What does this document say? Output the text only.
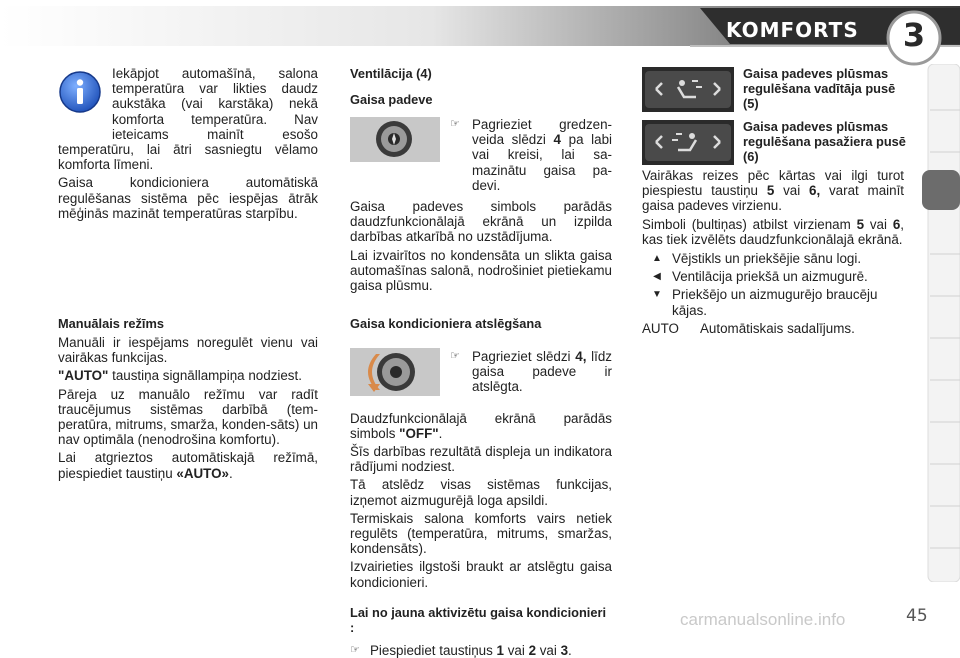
KOMFORTS	3

Iekāpjot automašīnā, salona temperatūra var likties daudz aukstāka (vai karstāka) nekā komforta temperatūra. Nav ieteicams mainīt esošo temperatūru, lai ātri sasniegtu vēlamo komforta līmeni.

Gaisa kondicioniera automātiskā regulēšanas sistēma pēc iespējas ātrāk mēģinās mazināt temperatūras starpību.

Manuālais režīms

Manuāli ir iespējams noregulēt vienu vai vairākas funkcijas.

"AUTO" taustiņa signāllampiņa nodziest.

Pāreja uz manuālo režīmu var radīt traucējumus sistēmas darbībā (tem-peratūra, mitrums, smarža, konden-sāts) un nav optimāla (nenodrošina komfortu).

Lai atgrieztos automātiskajā režīmā, piespiediet taustiņu «AUTO».

Ventilācija (4)

Gaisa padeve

☞ Pagrieziet gredzen-veida slēdzi 4 pa labi vai kreisi, lai sa-mazinātu gaisa pa-devi.

Gaisa padeves simbols parādās daudzfunkcionālajā ekrānā un izpilda darbības atkarībā no uzstādījuma.

Lai izvairītos no kondensāta un slikta gaisa automašīnas salonā, nodrošiniet pietiekamu gaisa plūsmu.

Gaisa kondicioniera atslēgšana

☞ Pagrieziet slēdzi 4, līdz gaisa padeve ir atslēgta.

Daudzfunkcionālajā ekrānā parādās simbols "OFF".

Šīs darbības rezultātā displeja un indikatora rādījumi nodziest.

Tā atslēdz visas sistēmas funkcijas, izņemot aizmugurējā loga apsildi.

Termiskais salona komforts vairs netiek regulēts (temperatūra, mitrums, smaržas, kondensāts).

Izvairieties ilgstoši braukt ar atslēgtu gaisa kondicionieri.

Lai no jauna aktivizētu gaisa kondicionieri :

☞ Piespiediet taustiņus 1 vai 2 vai 3.

Gaisa padeves plūsmas regulēšana vadītāja pusē (5)

Gaisa padeves plūsmas regulēšana pasažiera pusē (6)

Vairākas reizes pēc kārtas vai ilgi turot piespiestu taustiņu 5 vai 6, varat mainīt gaisa padeves virzienu.

Simboli (bultiņas) atbilst virzienam 5 vai 6, kas tiek izvēlēts daudzfunkcionālajā ekrānā.

▲ Vējstikls un priekšējie sānu logi.
◀ Ventilācija priekšā un aizmugurē.
▼ Priekšējo un aizmugurējo braucēju kājas.
AUTO	Automātiskais sadalījums.
carmanualsonline.info	45
